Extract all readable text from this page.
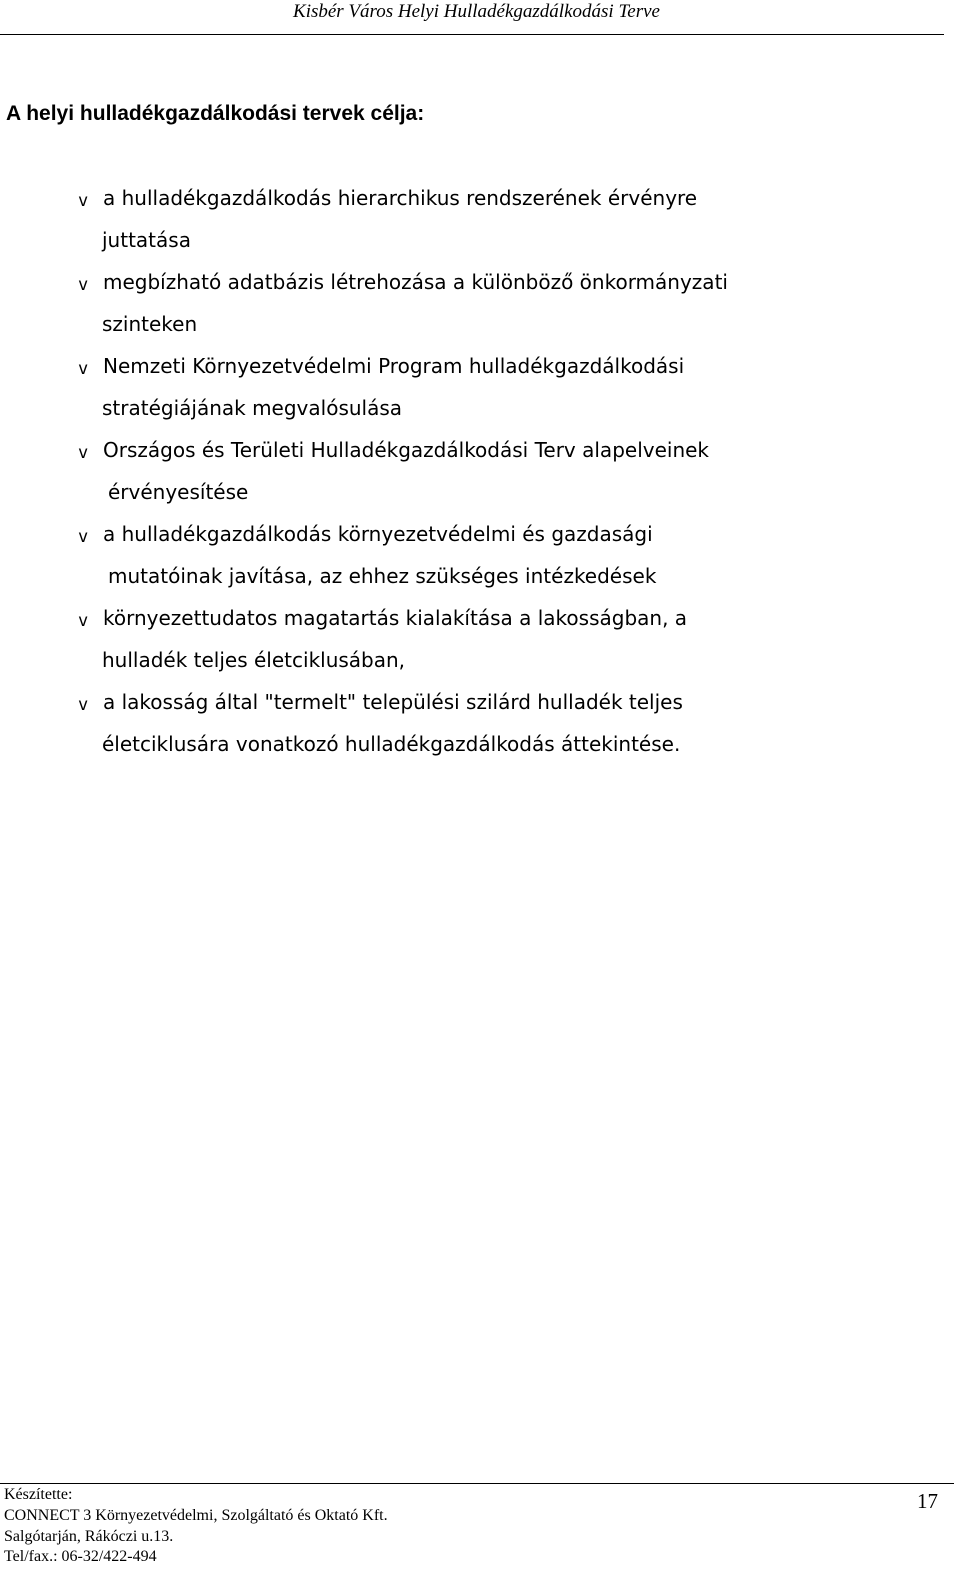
Kisbér Város Helyi Hulladékgazdálkodási Terve
A helyi hulladékgazdálkodási tervek célja:
v a hulladékgazdálkodás hierarchikus rendszerének érvényre
juttatása
v megbízható adatbázis létrehozása a különböző önkormányzati
szinteken
v Nemzeti Környezetvédelmi Program hulladékgazdálkodási
stratégiájának megvalósulása
v Országos és Területi Hulladékgazdálkodási Terv alapelveinek
érvényesítése
v a hulladékgazdálkodás környezetvédelmi és gazdasági
mutatóinak javítása, az ehhez szükséges intézkedések
v környezettudatos magatartás kialakítása a lakosságban, a
hulladék teljes életciklusában,
v a lakosság által "termelt" települési szilárd hulladék teljes
életciklusára vonatkozó hulladékgazdálkodás áttekintése.
Készítette:
CONNECT 3 Környezetvédelmi, Szolgáltató és Oktató Kft.
Salgótarján, Rákóczi u.13.
Tel/fax.: 06-32/422-494
17
